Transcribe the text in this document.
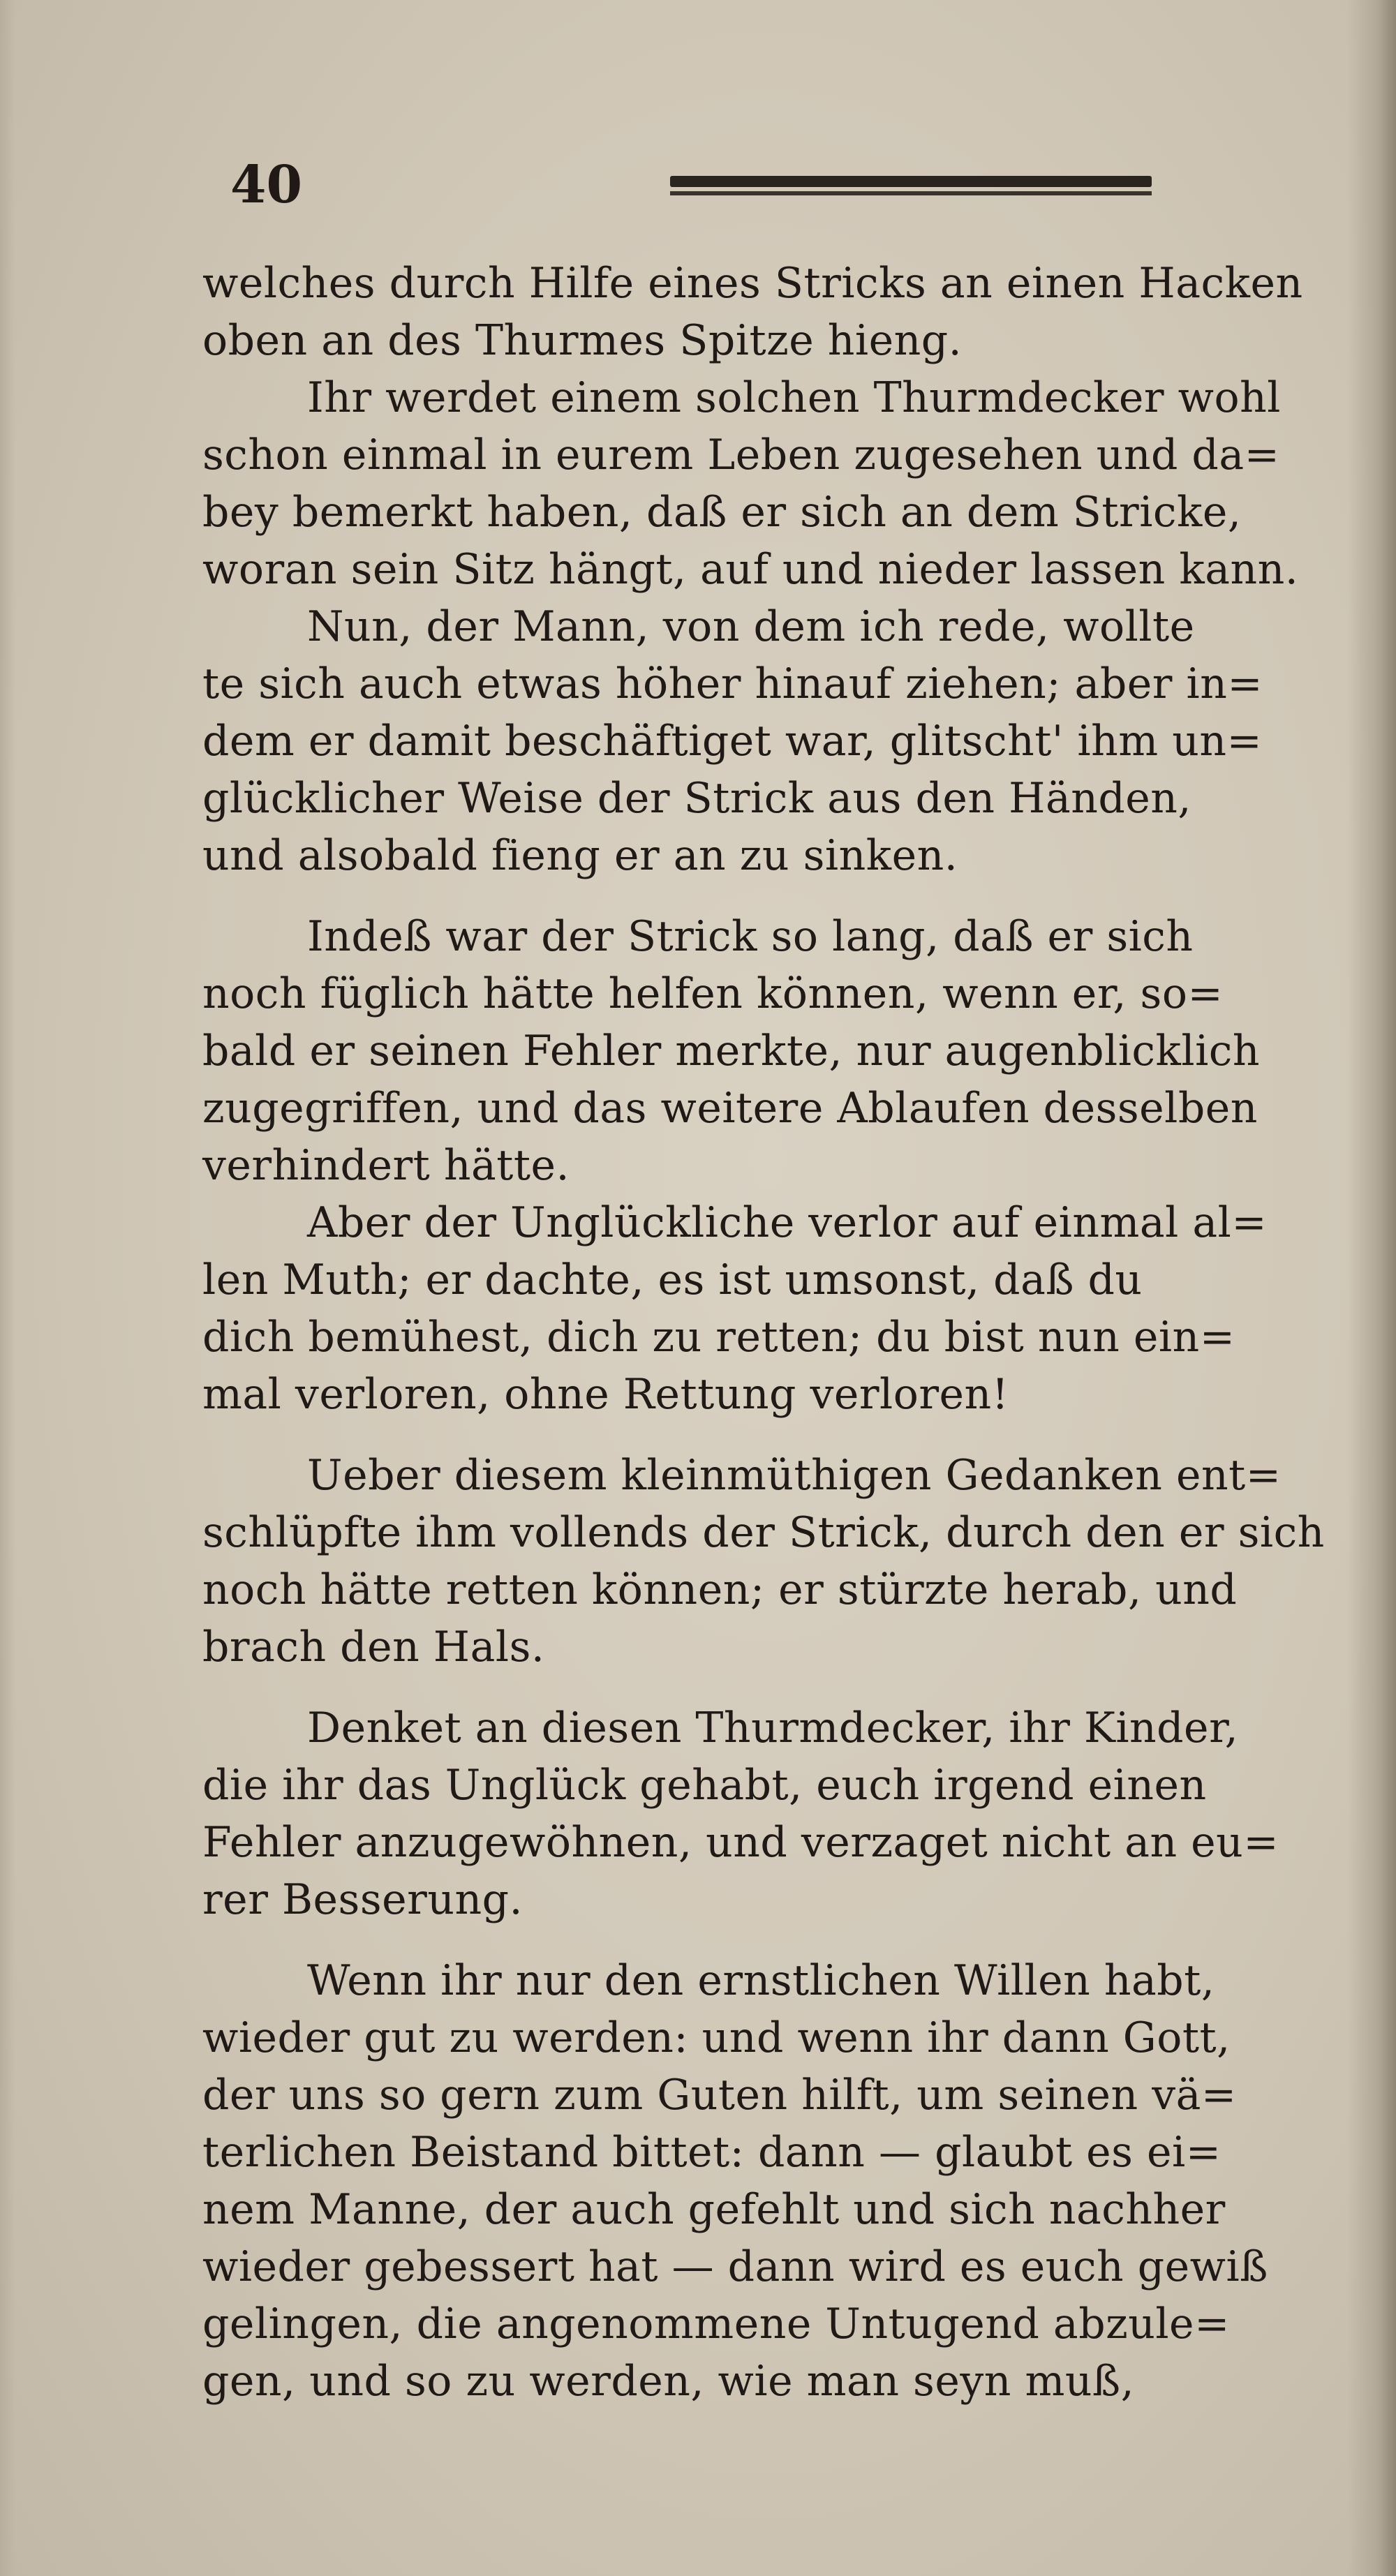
40
welches durch Hilfe eines Stricks an einen Hacken
oben an des Thurmes Spitze hieng.
Ihr werdet einem solchen Thurmdecker wohl
schon einmal in eurem Leben zugesehen und da=
bey bemerkt haben, daß er sich an dem Stricke,
woran sein Sitz hängt, auf und nieder lassen kann.
Nun, der Mann, von dem ich rede, wollte
te sich auch etwas höher hinauf ziehen; aber in=
dem er damit beschäftiget war, glitscht' ihm un=
glücklicher Weise der Strick aus den Händen,
und alsobald fieng er an zu sinken.
Indeß war der Strick so lang, daß er sich
noch füglich hätte helfen können, wenn er, so=
bald er seinen Fehler merkte, nur augenblicklich
zugegriffen, und das weitere Ablaufen desselben
verhindert hätte.
Aber der Unglückliche verlor auf einmal al=
len Muth; er dachte, es ist umsonst, daß du
dich bemühest, dich zu retten; du bist nun ein=
mal verloren, ohne Rettung verloren!
Ueber diesem kleinmüthigen Gedanken ent=
schlüpfte ihm vollends der Strick, durch den er sich
noch hätte retten können; er stürzte herab, und
brach den Hals.
Denket an diesen Thurmdecker, ihr Kinder,
die ihr das Unglück gehabt, euch irgend einen
Fehler anzugewöhnen, und verzaget nicht an eu=
rer Besserung.
Wenn ihr nur den ernstlichen Willen habt,
wieder gut zu werden: und wenn ihr dann Gott,
der uns so gern zum Guten hilft, um seinen vä=
terlichen Beistand bittet: dann — glaubt es ei=
nem Manne, der auch gefehlt und sich nachher
wieder gebessert hat — dann wird es euch gewiß
gelingen, die angenommene Untugend abzule=
gen, und so zu werden, wie man seyn muß,
